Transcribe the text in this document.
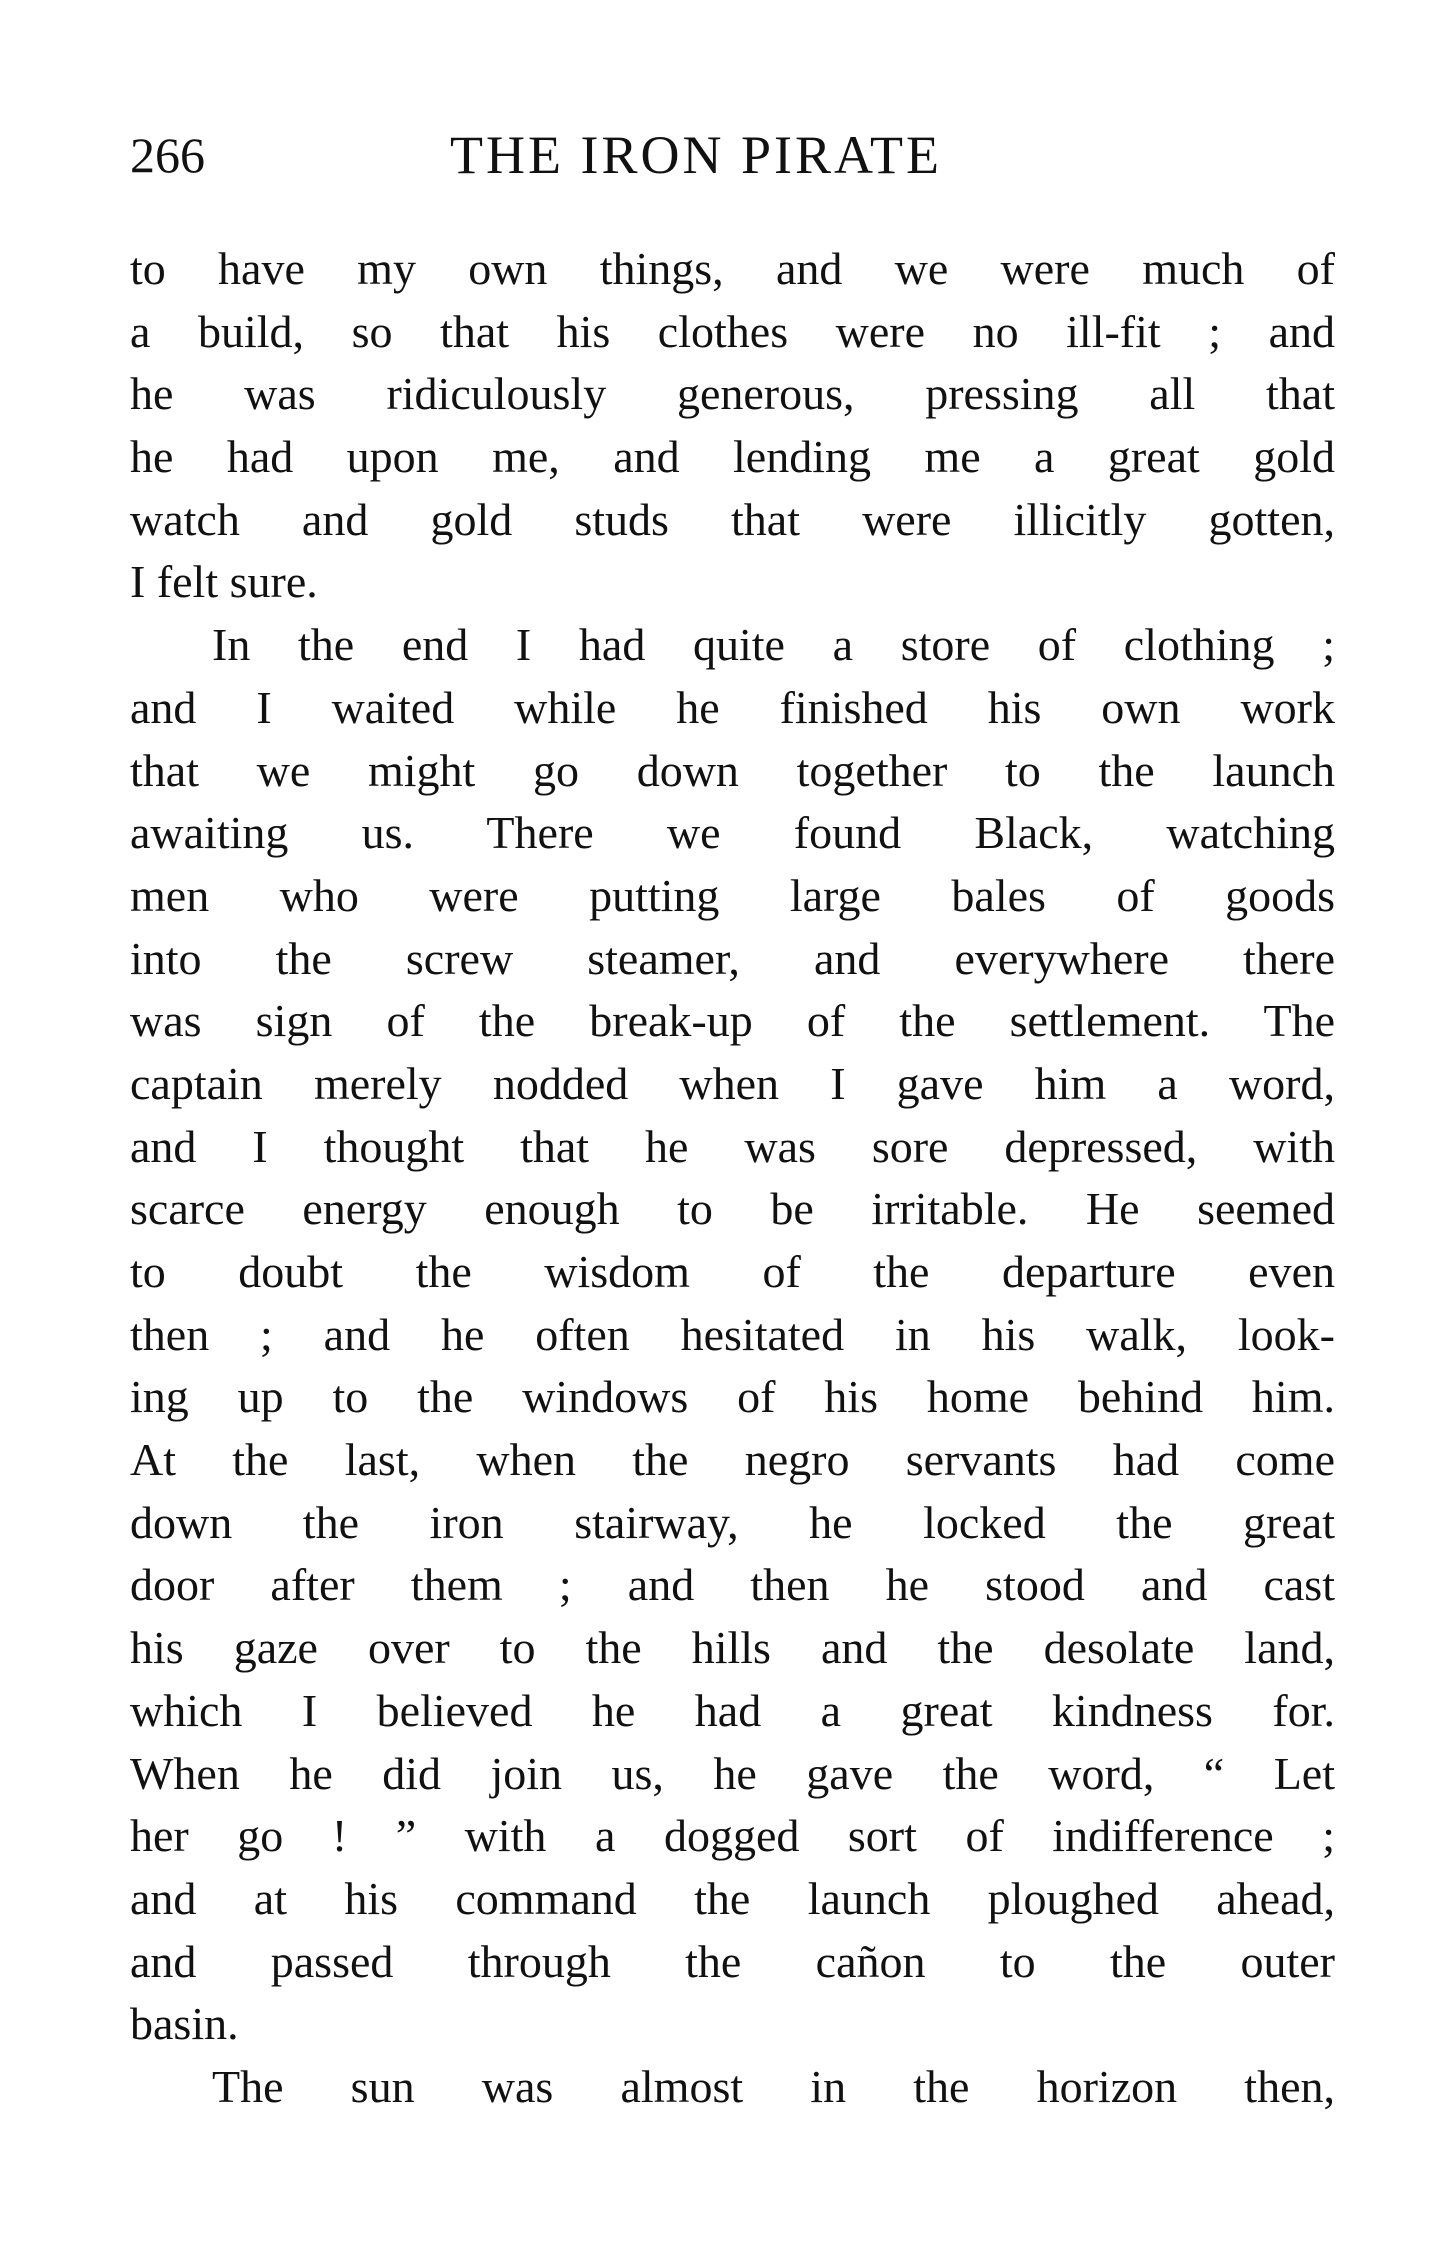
266	THE IRON PIRATE
to have my own things, and we were much of
a build, so that his clothes were no ill-fit ; and
he was ridiculously generous, pressing all that
he had upon me, and lending me a great gold
watch and gold studs that were illicitly gotten,
I felt sure.
In the end I had quite a store of clothing ;
and I waited while he finished his own work
that we might go down together to the launch
awaiting us. There we found Black, watching
men who were putting large bales of goods
into the screw steamer, and everywhere there
was sign of the break-up of the settlement. The
captain merely nodded when I gave him a word,
and I thought that he was sore depressed, with
scarce energy enough to be irritable. He seemed
to doubt the wisdom of the departure even
then ; and he often hesitated in his walk, look-
ing up to the windows of his home behind him.
At the last, when the negro servants had come
down the iron stairway, he locked the great
door after them ; and then he stood and cast
his gaze over to the hills and the desolate land,
which I believed he had a great kindness for.
When he did join us, he gave the word, “ Let
her go ! ” with a dogged sort of indifference ;
and at his command the launch ploughed ahead,
and passed through the cañon to the outer
basin.
The sun was almost in the horizon then,
